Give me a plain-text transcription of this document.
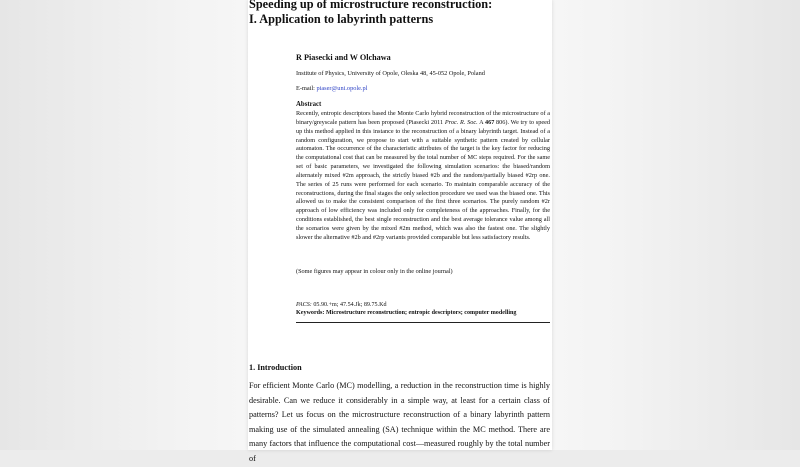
Speeding up of microstructure reconstruction:
I. Application to labyrinth patterns
R Piasecki and W Olchawa
Institute of Physics, University of Opole, Oleska 48, 45-052 Opole, Poland
E-mail: piaser@uni.opole.pl
Abstract
Recently, entropic descriptors based the Monte Carlo hybrid reconstruction of the microstructure of a binary/greyscale pattern has been proposed (Piasecki 2011 Proc. R. Soc. A 467 806). We try to speed up this method applied in this instance to the reconstruction of a binary labyrinth target. Instead of a random configuration, we propose to start with a suitable synthetic pattern created by cellular automaton. The occurrence of the characteristic attributes of the target is the key factor for reducing the computational cost that can be measured by the total number of MC steps required. For the same set of basic parameters, we investigated the following simulation scenarios: the biased/random alternately mixed #2m approach, the strictly biased #2b and the random/partially biased #2rp one. The series of 25 runs were performed for each scenario. To maintain comparable accuracy of the reconstructions, during the final stages the only selection procedure we used was the biased one. This allowed us to make the consistent comparison of the first three scenarios. The purely random #2r approach of low efficiency was included only for completeness of the approaches. Finally, for the conditions established, the best single reconstruction and the best average tolerance value among all the scenarios were given by the mixed #2m method, which was also the fastest one. The slightly slower the alternative #2b and #2rp variants provided comparable but less satisfactory results.
(Some figures may appear in colour only in the online journal)
PACS: 05.90.+m; 47.54.Jk; 89.75.Kd
Keywords: Microstructure reconstruction; entropic descriptors; computer modelling
1. Introduction
For efficient Monte Carlo (MC) modelling, a reduction in the reconstruction time is highly desirable. Can we reduce it considerably in a simple way, at least for a certain class of patterns? Let us focus on the microstructure reconstruction of a binary labyrinth pattern making use of the simulated annealing (SA) technique within the MC method. There are many factors that influence the computational cost—measured roughly by the total number of
